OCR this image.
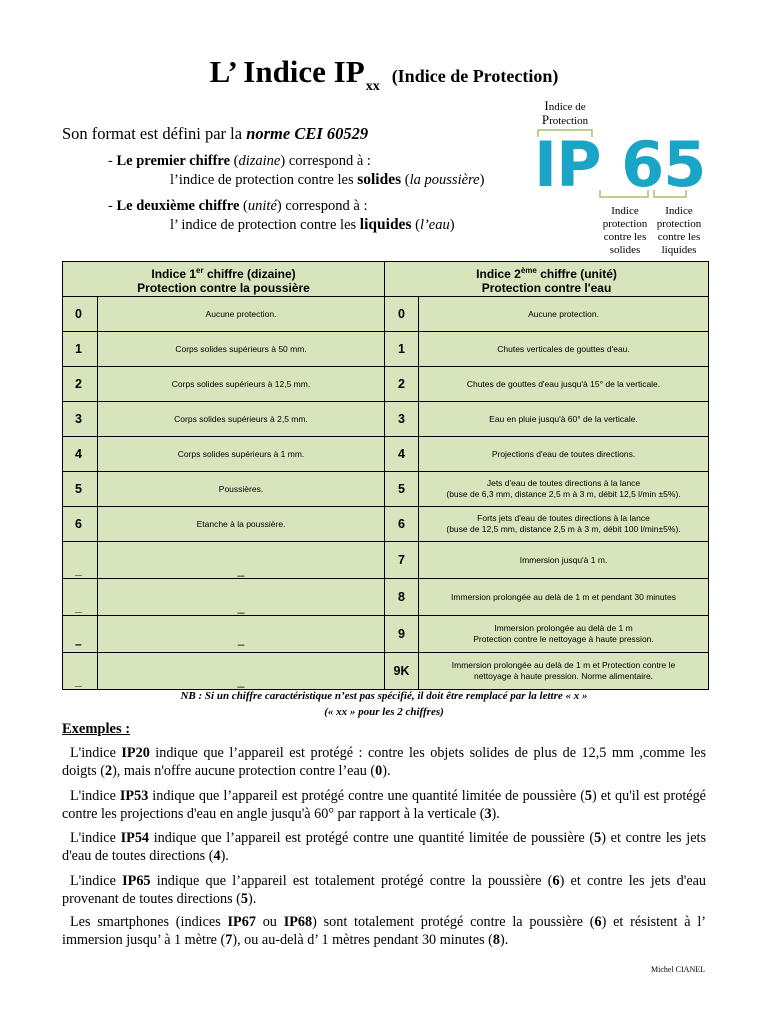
L’ Indice IPxx(Indice de Protection)
Son format est défini par la norme CEI 60529
- Le premier chiffre (dizaine) correspond à :
l’indice de protection contre les solides (la poussière)
- Le deuxième chiffre (unité) correspond à :
l’ indice de protection contre les liquides (l’eau)
Indice de
Protection
IP 65
Indice protection contre les solides
Indice protection contre les liquides
Indice 1er chiffre (dizaine)
Protection contre la poussière		Indice 2ème chiffre (unité)
Protection contre l'eau	
0	Aucune protection.	0	Aucune protection.

1	Corps solides supérieurs à 50 mm.	1	Chutes verticales de gouttes d'eau.

2	Corps solides supérieurs à 12,5 mm.	2	Chutes de gouttes d'eau jusqu'à 15° de la verticale.

3	Corps solides supérieurs à 2,5 mm.	3	Eau en pluie jusqu'à 60° de la verticale.

4	Corps solides supérieurs à 1 mm.	4	Projections d'eau de toutes directions.

5	Poussières.	5	Jets d'eau de toutes directions à la lance
(buse de 6,3 mm, distance 2,5 m à 3 m, débit 12,5 l/min ±5%).
6	Etanche à la poussière.	6	Forts jets d'eau de toutes directions à la lance
(buse de 12,5 mm, distance 2,5 m à 3 m, débit 100 l/min±5%).
_	_	7	Immersion jusqu'à 1 m.

_	_	8	Immersion prolongée au delà de 1 m et pendant 30 minutes

–	–	9	Immersion prolongée au delà de 1 m
Protection contre le nettoyage à haute pression.
_	_	9K	Immersion prolongée au delà de 1 m et Protection contre le
nettoyage à haute pression. Norme alimentaire.
NB : Si un chiffre caractéristique n’est pas spécifié, il doit être remplacé par la lettre « x »
(« xx » pour les 2 chiffres)
Exemples :
L'indice IP20 indique que l’appareil est protégé : contre les objets solides de plus de 12,5 mm ,comme les doigts (2), mais n'offre aucune protection contre l’eau (0).
L'indice IP53 indique que l’appareil est protégé contre une quantité limitée de poussière (5) et qu'il est protégé contre les projections d'eau en angle jusqu'à 60° par rapport à la verticale (3).
L'indice IP54 indique que l’appareil est protégé contre une quantité limitée de poussière (5) et contre les jets d'eau de toutes directions (4).
L'indice IP65 indique que l’appareil est totalement protégé contre la poussière (6) et contre les jets d'eau provenant de toutes directions (5).
Les smartphones (indices IP67 ou IP68) sont totalement protégé contre la poussière (6) et résistent à l’ immersion jusqu’ à 1 mètre (7), ou au-delà d’ 1 mètres pendant 30 minutes (8).
Michel CIANEL
